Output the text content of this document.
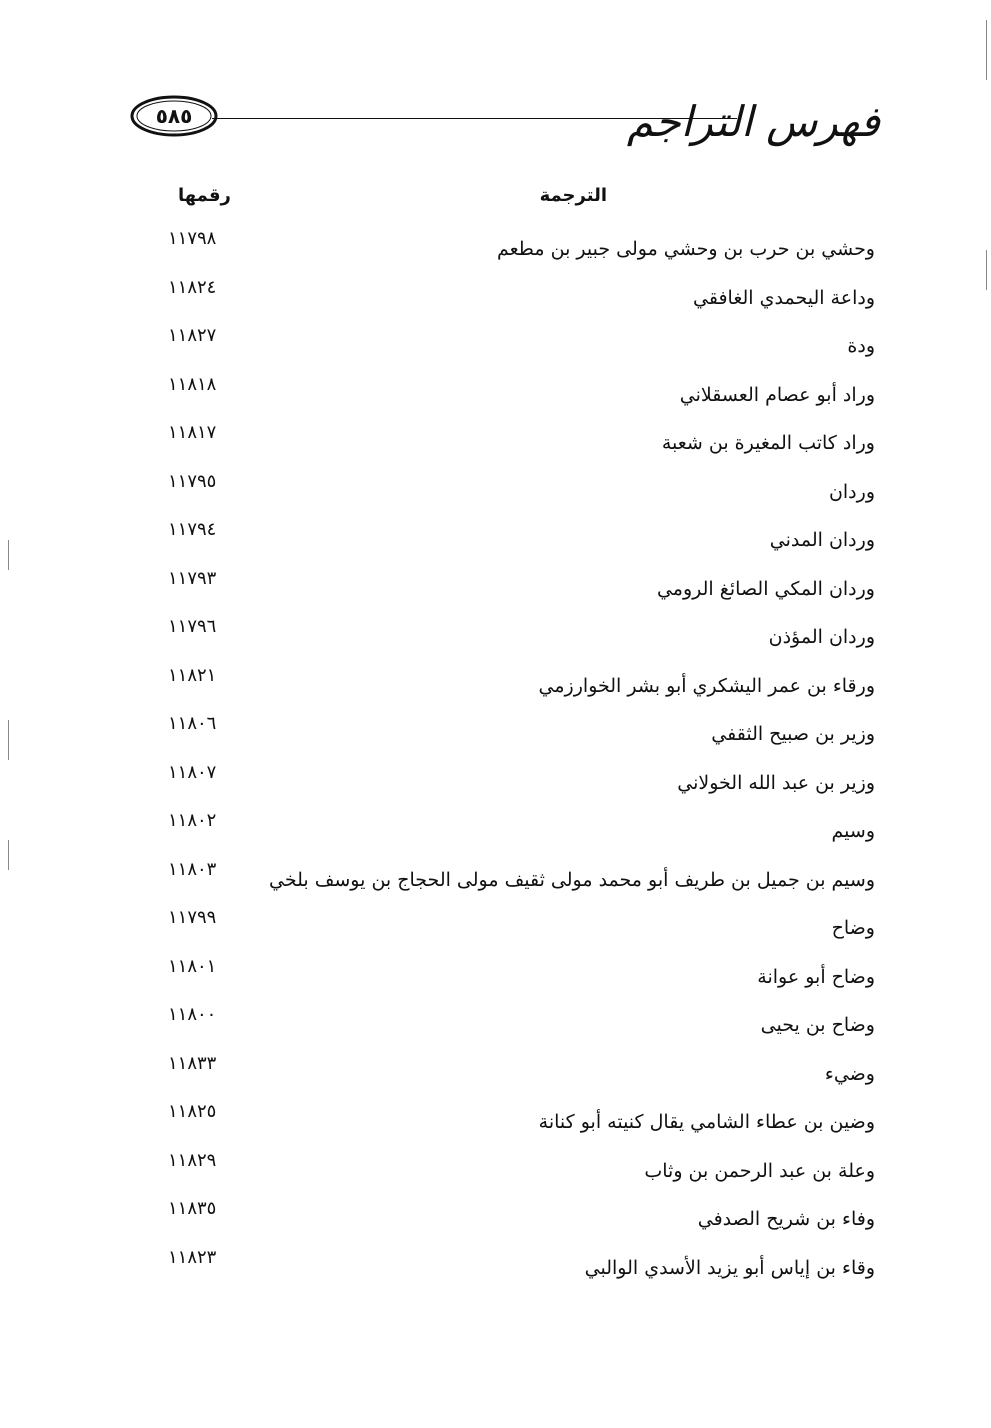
فهرس التراجم
٥٨٥
الترجمة
رقمها
وحشي بن حرب بن وحشي مولى جبير بن مطعم
١١٧٩٨
وداعة اليحمدي الغافقي
١١٨٢٤
ودة
١١٨٢٧
وراد أبو عصام العسقلاني
١١٨١٨
وراد كاتب المغيرة بن شعبة
١١٨١٧
وردان
١١٧٩٥
وردان المدني
١١٧٩٤
وردان المكي الصائغ الرومي
١١٧٩٣
وردان المؤذن
١١٧٩٦
ورقاء بن عمر اليشكري أبو بشر الخوارزمي
١١٨٢١
وزير بن صبيح الثقفي
١١٨٠٦
وزير بن عبد الله الخولاني
١١٨٠٧
وسيم
١١٨٠٢
وسيم بن جميل بن طريف أبو محمد مولى ثقيف مولى الحجاج بن يوسف بلخي
١١٨٠٣
وضاح
١١٧٩٩
وضاح أبو عوانة
١١٨٠١
وضاح بن يحيى
١١٨٠٠
وضيء
١١٨٣٣
وضين بن عطاء الشامي يقال كنيته أبو كنانة
١١٨٢٥
وعلة بن عبد الرحمن بن وثاب
١١٨٢٩
وفاء بن شريح الصدفي
١١٨٣٥
وقاء بن إياس أبو يزيد الأسدي الوالبي
١١٨٢٣
